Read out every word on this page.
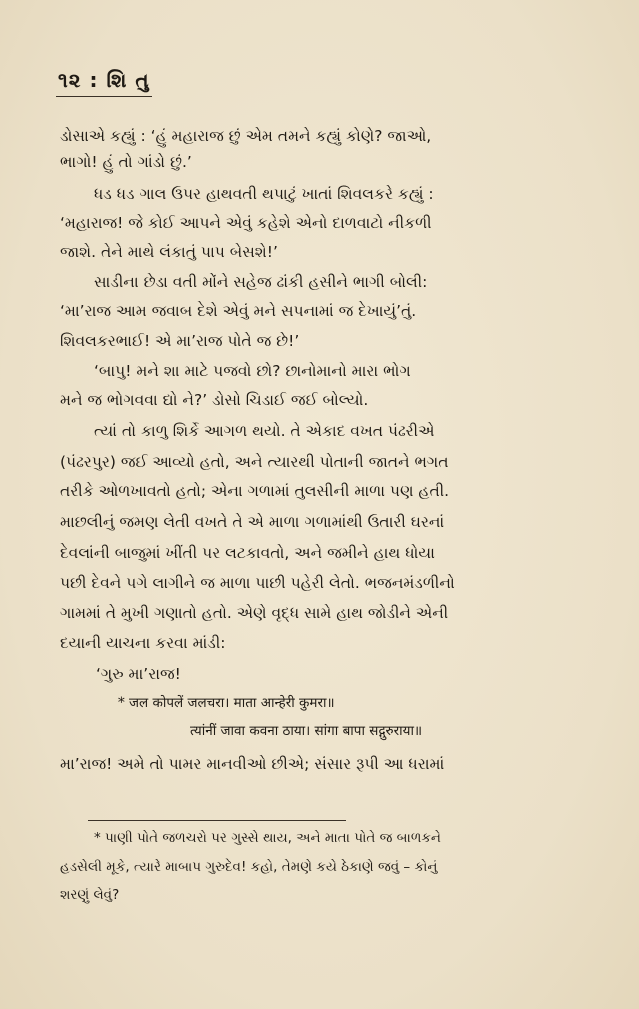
૧૨ : શિ તુ
ડોસાએ કહ્યું : ‘હું મહારાજ છું એમ તમને કહ્યું કોણે? જાઓ,
ભાગો! હું તો ગાંડો છું.’
ધડ ધડ ગાલ ઉપર હાથવતી થપાટું ખાતાં શિવલકરે કહ્યું :
‘મહારાજ! જે કોઈ આપને એવું કહેશે એનો દાળવાટો નીકળી
જાશે. તેને માથે લંકાતું પાપ બેસશે!’
સાડીના છેડા વતી મોંને સહેજ ઢાંકી હસીને ભાગી બોલી:
‘મા’રાજ આમ જવાબ દેશે એવું મને સપનામાં જ દેખાયું’તું.
શિવલકરભાઈ! એ મા’રાજ પોતે જ છે!’
‘બાપુ! મને શા માટે પજવો છો? છાનોમાનો મારા ભોગ
મને જ ભોગવવા દ્યો ને?’ ડોસો ચિડાઈ જઈ બોલ્યો.
ત્યાં તો કાળુ શિર્કે આગળ થયો. તે એકાદ વખત પંઢરીએ
(પંઢરપુર) જઈ આવ્યો હતો, અને ત્યારથી પોતાની જાતને ભગત
તરીકે ઓળખાવતો હતો; એના ગળામાં તુલસીની માળા પણ હતી.
માછલીનું જમણ લેતી વખતે તે એ માળા ગળામાંથી ઉતારી ઘરનાં
દેવલાંની બાજુમાં ખીંતી પર લટકાવતો, અને જમીને હાથ ધોયા
પછી દેવને પગે લાગીને જ માળા પાછી પહેરી લેતો. ભજનમંડળીનો
ગામમાં તે મુખી ગણાતો હતો. એણે વૃદ્ધ સામે હાથ જોડીને એની
દયાની યાચના કરવા માંડી:
‘ગુરુ મા’રાજ!
* जल कोपलें जलचरा। माता आन्हेरी कुमरा॥
त्यांनीं जावा कवना ठाया। सांगा बापा सद्गुरुराया॥
મા’રાજ! અમે તો પામર માનવીઓ છીએ; સંસાર રૂપી આ ધરામાં
* પાણી પોતે જળચરો પર ગુસ્સે થાય, અને માતા પોતે જ બાળકને
હડસેલી મૂકે, ત્યારે માબાપ ગુરુદેવ! કહો, તેમણે કયે ઠેકાણે જવું – કોનું
શરણું લેવું?
